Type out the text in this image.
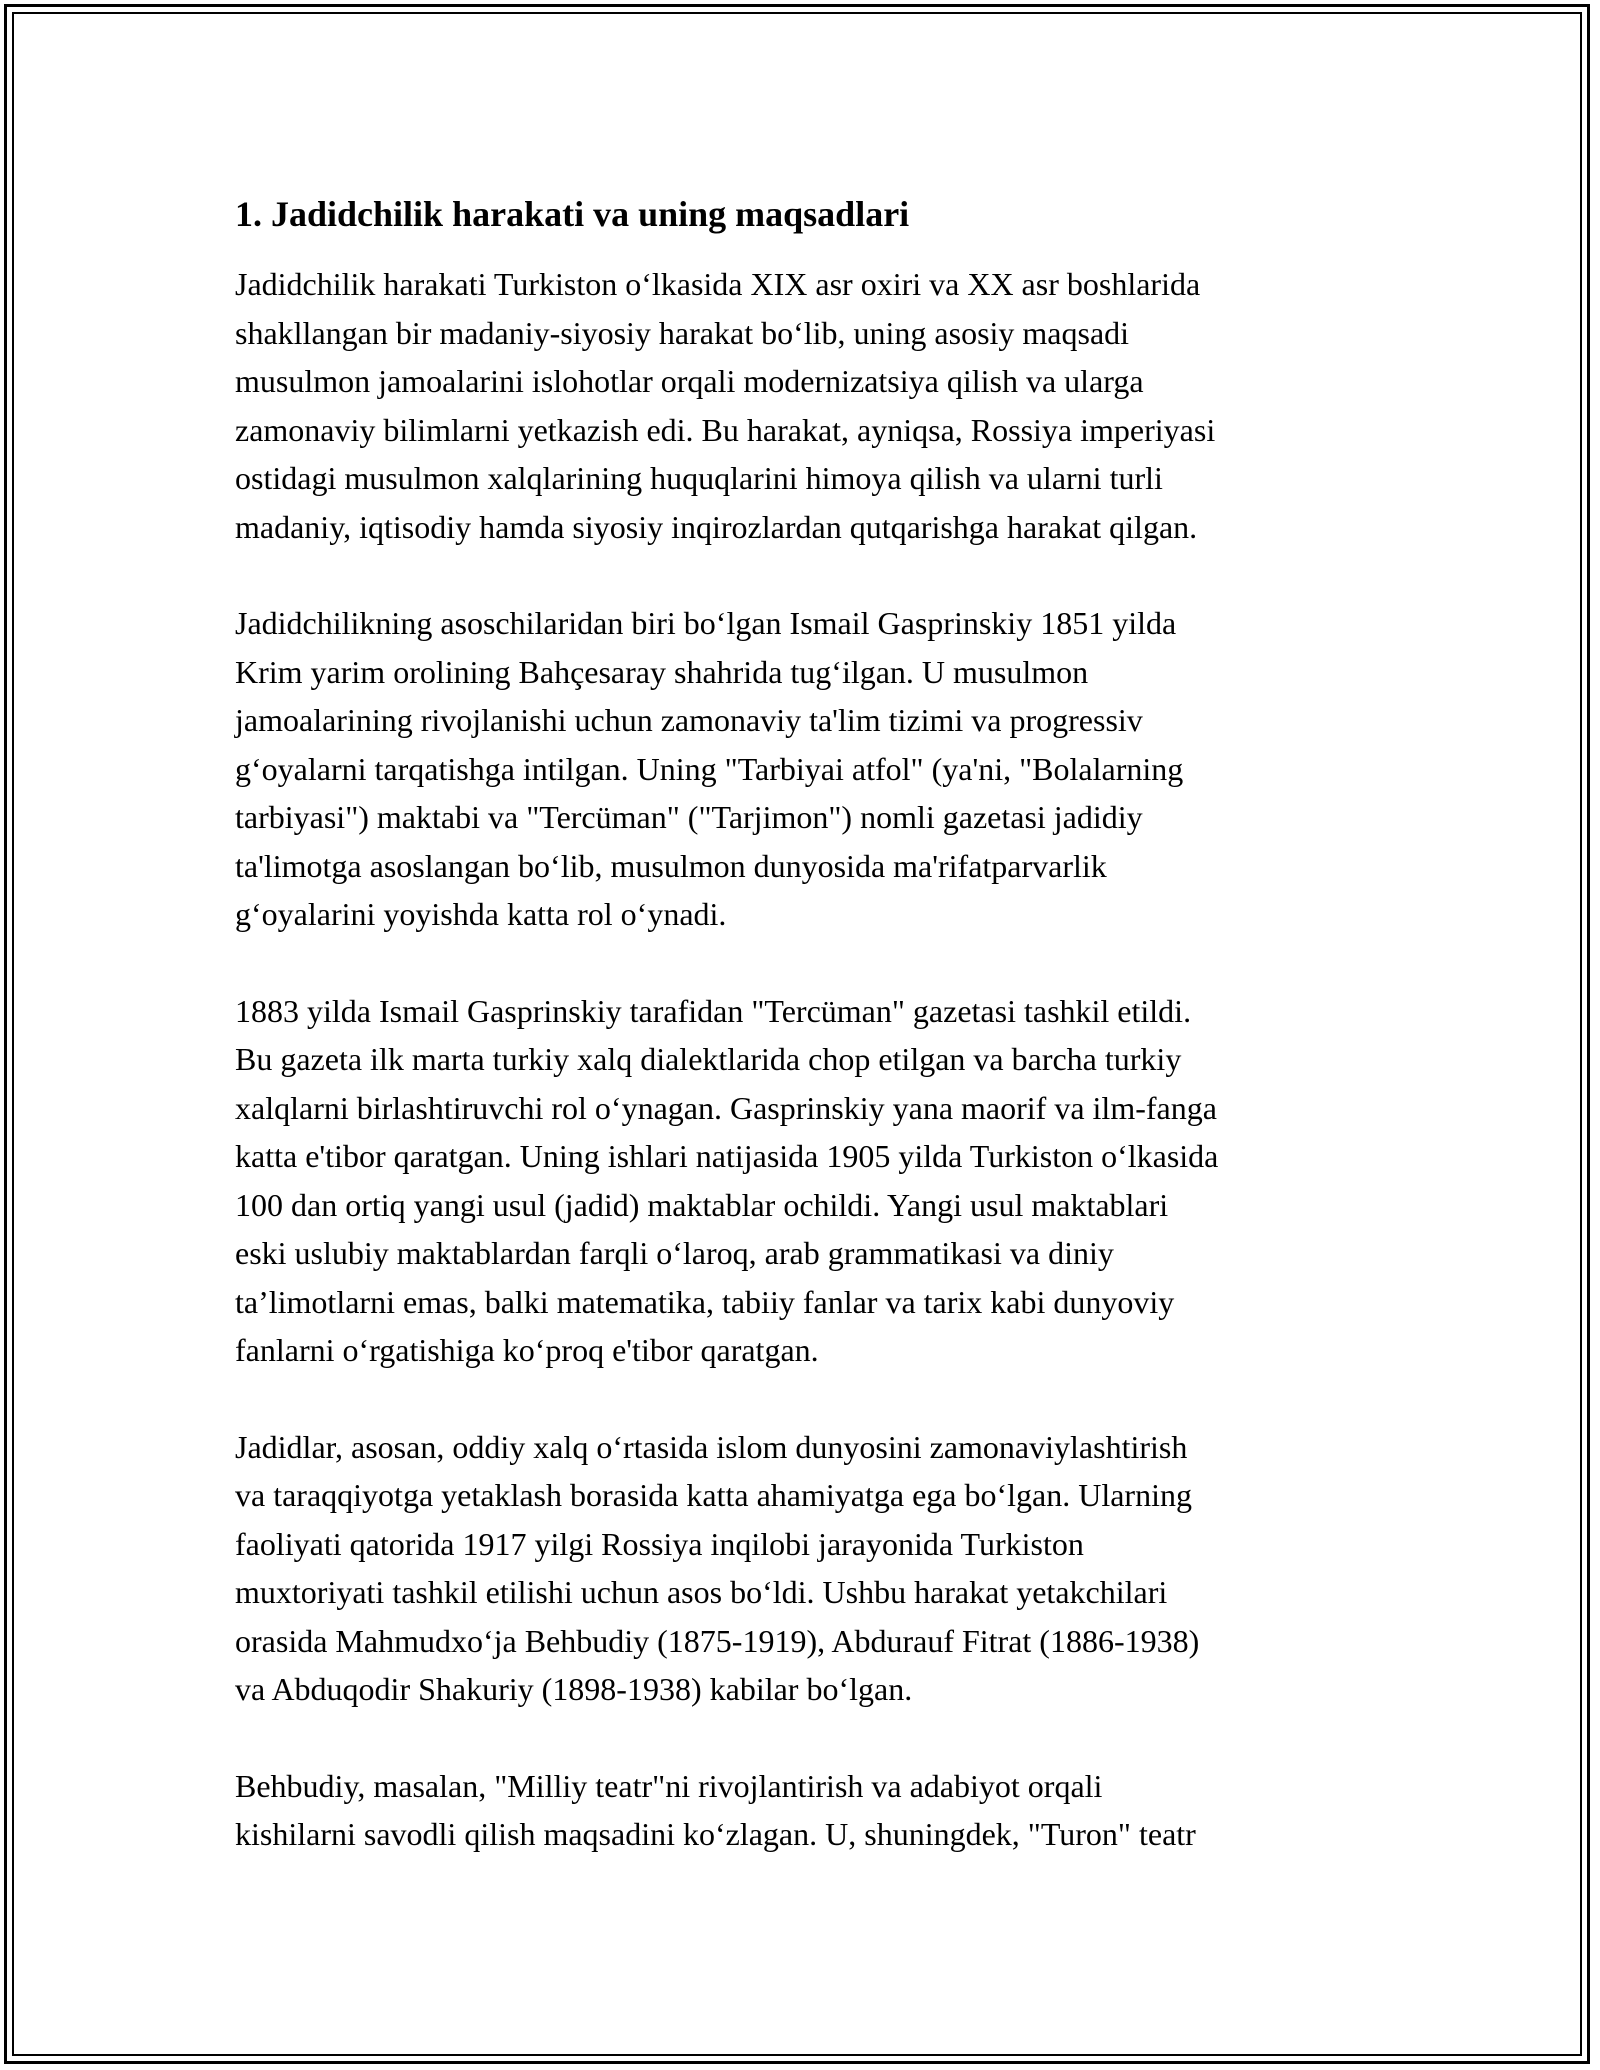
1. Jadidchilik harakati va uning maqsadlari

Jadidchilik harakati Turkiston o‘lkasida XIX asr oxiri va XX asr boshlarida
shakllangan bir madaniy-siyosiy harakat bo‘lib, uning asosiy maqsadi
musulmon jamoalarini islohotlar orqali modernizatsiya qilish va ularga
zamonaviy bilimlarni yetkazish edi. Bu harakat, ayniqsa, Rossiya imperiyasi
ostidagi musulmon xalqlarining huquqlarini himoya qilish va ularni turli
madaniy, iqtisodiy hamda siyosiy inqirozlardan qutqarishga harakat qilgan.

Jadidchilikning asoschilaridan biri bo‘lgan Ismail Gasprinskiy 1851 yilda
Krim yarim orolining Bahçesaray shahrida tug‘ilgan. U musulmon
jamoalarining rivojlanishi uchun zamonaviy ta'lim tizimi va progressiv
g‘oyalarni tarqatishga intilgan. Uning "Tarbiyai atfol" (ya'ni, "Bolalarning
tarbiyasi") maktabi va "Tercüman" ("Tarjimon") nomli gazetasi jadidiy
ta'limotga asoslangan bo‘lib, musulmon dunyosida ma'rifatparvarlik
g‘oyalarini yoyishda katta rol o‘ynadi.

1883 yilda Ismail Gasprinskiy tarafidan "Tercüman" gazetasi tashkil etildi.
Bu gazeta ilk marta turkiy xalq dialektlarida chop etilgan va barcha turkiy
xalqlarni birlashtiruvchi rol o‘ynagan. Gasprinskiy yana maorif va ilm-fanga
katta e'tibor qaratgan. Uning ishlari natijasida 1905 yilda Turkiston o‘lkasida
100 dan ortiq yangi usul (jadid) maktablar ochildi. Yangi usul maktablari
eski uslubiy maktablardan farqli o‘laroq, arab grammatikasi va diniy
ta’limotlarni emas, balki matematika, tabiiy fanlar va tarix kabi dunyoviy
fanlarni o‘rgatishiga ko‘proq e'tibor qaratgan.

Jadidlar, asosan, oddiy xalq o‘rtasida islom dunyosini zamonaviylashtirish
va taraqqiyotga yetaklash borasida katta ahamiyatga ega bo‘lgan. Ularning
faoliyati qatorida 1917 yilgi Rossiya inqilobi jarayonida Turkiston
muxtoriyati tashkil etilishi uchun asos bo‘ldi. Ushbu harakat yetakchilari
orasida Mahmudxo‘ja Behbudiy (1875-1919), Abdurauf Fitrat (1886-1938)
va Abduqodir Shakuriy (1898-1938) kabilar bo‘lgan.

Behbudiy, masalan, "Milliy teatr"ni rivojlantirish va adabiyot orqali
kishilarni savodli qilish maqsadini ko‘zlagan. U, shuningdek, "Turon" teatr
